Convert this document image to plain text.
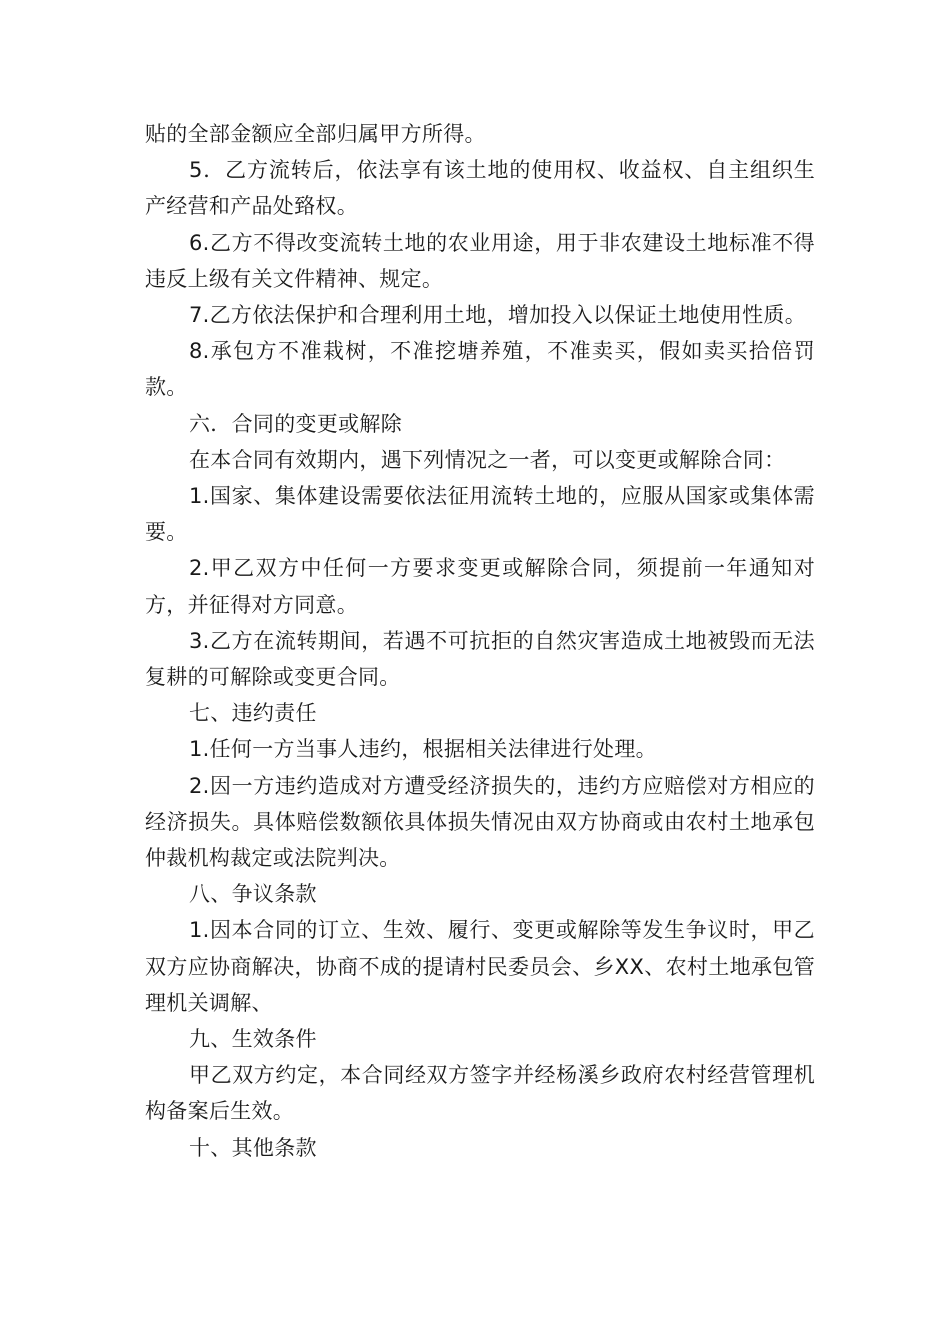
贴的全部金额应全部归属甲方所得。

5．乙方流转后，依法享有该土地的使用权、收益权、自主组织生产经营和产品处臵权。

6.乙方不得改变流转土地的农业用途，用于非农建设土地标准不得违反上级有关文件精神、规定。

7.乙方依法保护和合理利用土地，增加投入以保证土地使用性质。

8.承包方不准栽树，不准挖塘养殖，不准卖买，假如卖买拾倍罚款。

六．合同的变更或解除

在本合同有效期内，遇下列情况之一者，可以变更或解除合同：

1.国家、集体建设需要依法征用流转土地的，应服从国家或集体需要。

2.甲乙双方中任何一方要求变更或解除合同，须提前一年通知对方，并征得对方同意。

3.乙方在流转期间，若遇不可抗拒的自然灾害造成土地被毁而无法复耕的可解除或变更合同。

七、违约责任

1.任何一方当事人违约，根据相关法律进行处理。

2.因一方违约造成对方遭受经济损失的，违约方应赔偿对方相应的经济损失。具体赔偿数额依具体损失情况由双方协商或由农村土地承包仲裁机构裁定或法院判决。

八、争议条款

1.因本合同的订立、生效、履行、变更或解除等发生争议时，甲乙双方应协商解决，协商不成的提请村民委员会、乡XX、农村土地承包管理机关调解、

九、生效条件

甲乙双方约定，本合同经双方签字并经杨溪乡政府农村经营管理机构备案后生效。

十、其他条款
